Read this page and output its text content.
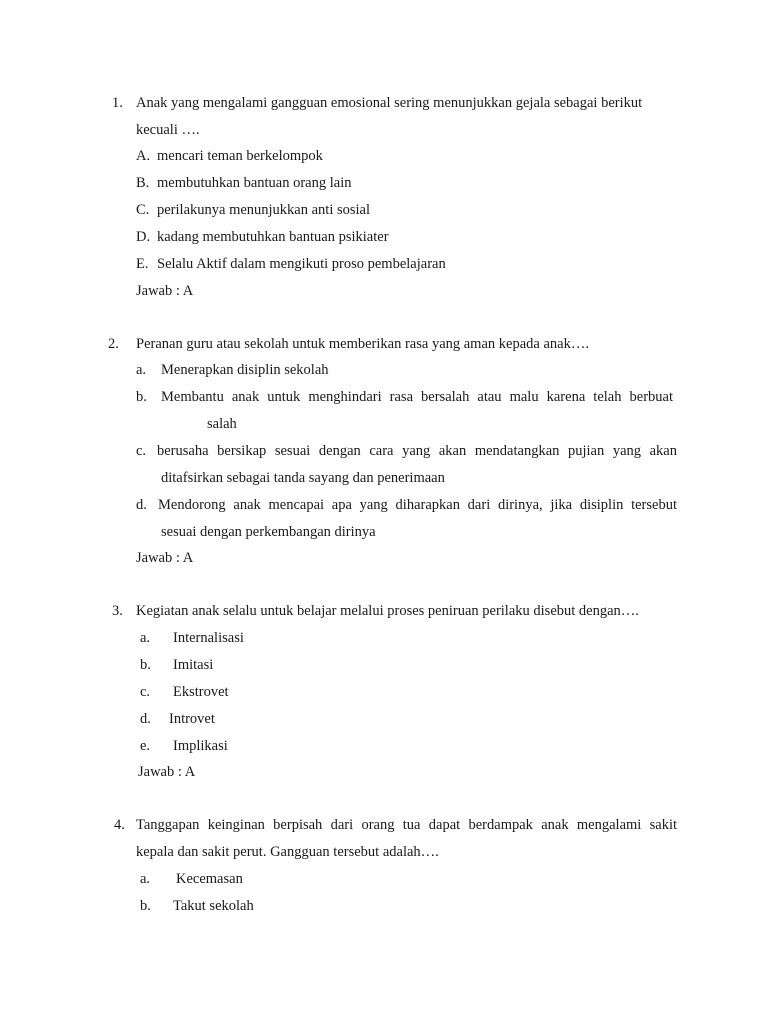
1. Anak yang mengalami gangguan emosional sering menunjukkan gejala sebagai berikut
kecuali ….
A. mencari teman berkelompok
B. membutuhkan bantuan orang lain
C. perilakunya menunjukkan anti sosial
D. kadang membutuhkan bantuan psikiater
E. Selalu Aktif dalam mengikuti proso pembelajaran
Jawab : A
2. Peranan guru atau sekolah untuk memberikan rasa yang aman kepada anak….
a. Menerapkan disiplin sekolah
b. Membantu anak untuk menghindari rasa bersalah atau malu karena telah berbuat
salah
c. berusaha bersikap sesuai dengan cara yang akan mendatangkan pujian yang akan
ditafsirkan sebagai tanda sayang dan penerimaan
d. Mendorong anak mencapai apa yang diharapkan dari dirinya, jika disiplin tersebut
sesuai dengan perkembangan dirinya
Jawab : A
3. Kegiatan anak selalu untuk belajar melalui proses peniruan perilaku disebut dengan….
a. Internalisasi
b. Imitasi
c. Ekstrovet
d. Introvet
e. Implikasi
Jawab : A
4. Tanggapan keinginan berpisah dari orang tua dapat berdampak anak mengalami sakit
kepala dan sakit perut. Gangguan tersebut adalah….
a. Kecemasan
b. Takut sekolah
